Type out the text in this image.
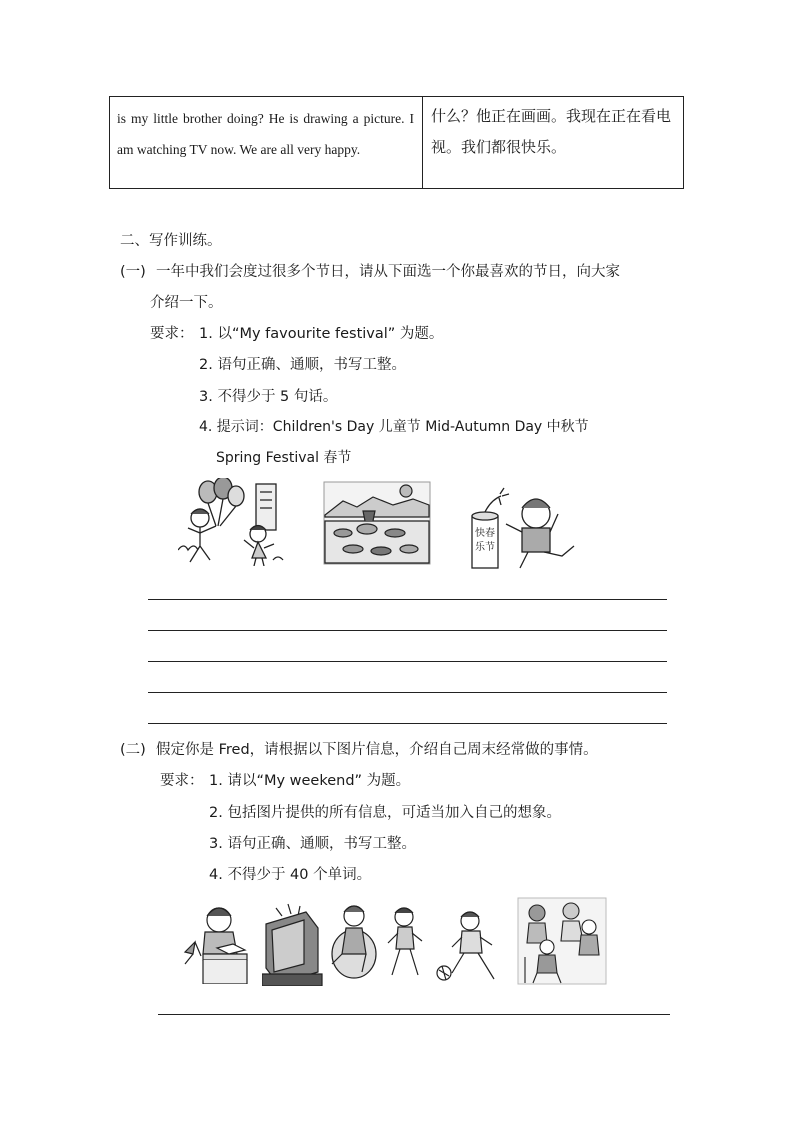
is my little brother doing? He is drawing a picture. I am watching TV now. We are all very happy.
什么？他正在画画。我现在正在看电视。我们都很快乐。
二、写作训练。
(一) 一年中我们会度过很多个节日，请从下面选一个你最喜欢的节日，向大家
介绍一下。
要求： 1. 以“My favourite festival” 为题。
2. 语句正确、通顺，书写工整。
3. 不得少于 5 句话。
4. 提示词：Children's Day 儿童节 Mid-Autumn Day 中秋节
Spring Festival 春节
快春
乐节
(二) 假定你是 Fred，请根据以下图片信息，介绍自己周末经常做的事情。
要求： 1. 请以“My weekend” 为题。
2. 包括图片提供的所有信息，可适当加入自己的想象。
3. 语句正确、通顺，书写工整。
4. 不得少于 40 个单词。
